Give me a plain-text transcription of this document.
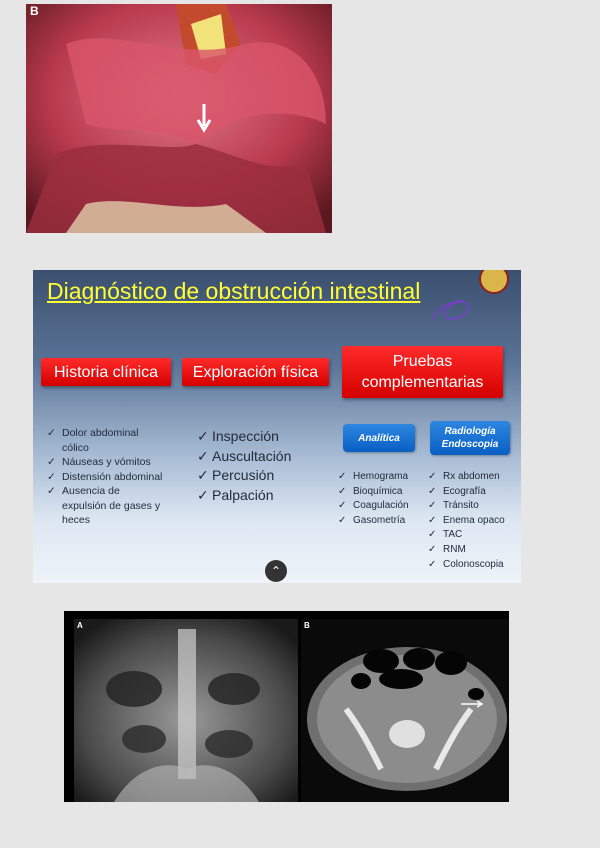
B
Diagnóstico de obstrucción intestinal
Historia clínica Exploración física
Pruebas
complementarias
✓ Dolor abdominal cólico
✓ Náuseas y vómitos
✓ Distensión abdominal
✓ Ausencia de expulsión de gases y heces
✓ Inspección
✓ Auscultación
✓ Percusión
✓ Palpación
Analítica
Radiología
Endoscopia
✓ Hemograma
✓ Bioquímica
✓ Coagulación
✓ Gasometría
✓ Rx abdomen
✓ Ecografía
✓ Tránsito
✓ Enema opaco
✓ TAC
✓ RNM
✓ Colonoscopia
⌃
A	B
